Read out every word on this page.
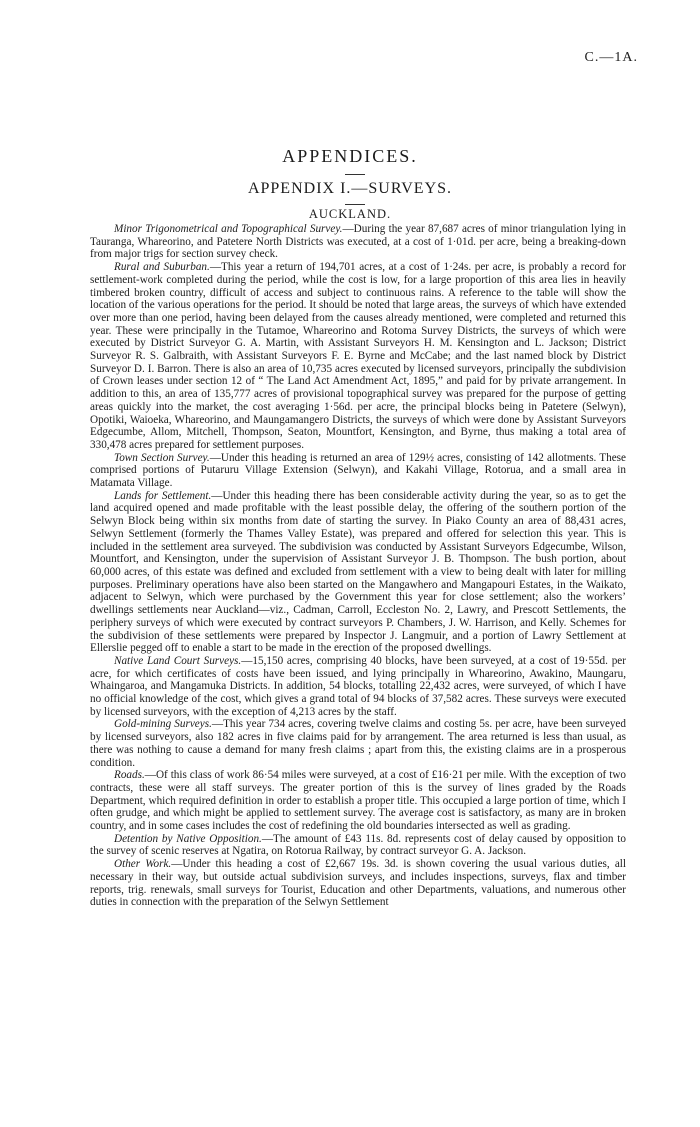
C.—1A.
APPENDICES.
APPENDIX I.—SURVEYS.
AUCKLAND.

Minor Trigonometrical and Topographical Survey.—During the year 87,687 acres of minor triangulation lying in Tauranga, Whareorino, and Patetere North Districts was executed, at a cost of 1·01d. per acre, being a breaking-down from major trigs for section survey check.

Rural and Suburban.—This year a return of 194,701 acres, at a cost of 1·24s. per acre, is probably a record for settlement-work completed during the period, while the cost is low, for a large proportion of this area lies in heavily timbered broken country, difficult of access and subject to continuous rains. A reference to the table will show the location of the various operations for the period. It should be noted that large areas, the surveys of which have extended over more than one period, having been delayed from the causes already mentioned, were completed and returned this year. These were principally in the Tutamoe, Whareorino and Rotoma Survey Districts, the surveys of which were executed by District Surveyor G. A. Martin, with Assistant Surveyors H. M. Kensington and L. Jackson; District Surveyor R. S. Galbraith, with Assistant Surveyors F. E. Byrne and McCabe; and the last named block by District Surveyor D. I. Barron. There is also an area of 10,735 acres executed by licensed surveyors, principally the subdivision of Crown leases under section 12 of “ The Land Act Amendment Act, 1895,” and paid for by private arrangement. In addition to this, an area of 135,777 acres of provisional topographical survey was prepared for the purpose of getting areas quickly into the market, the cost averaging 1·56d. per acre, the principal blocks being in Patetere (Selwyn), Opotiki, Waioeka, Whareorino, and Maungamangero Districts, the surveys of which were done by Assistant Surveyors Edgecumbe, Allom, Mitchell, Thompson, Seaton, Mountfort, Kensington, and Byrne, thus making a total area of 330,478 acres prepared for settlement purposes.

Town Section Survey.—Under this heading is returned an area of 129½ acres, consisting of 142 allotments. These comprised portions of Putaruru Village Extension (Selwyn), and Kakahi Village, Rotorua, and a small area in Matamata Village.

Lands for Settlement.—Under this heading there has been considerable activity during the year, so as to get the land acquired opened and made profitable with the least possible delay, the offering of the southern portion of the Selwyn Block being within six months from date of starting the survey. In Piako County an area of 88,431 acres, Selwyn Settlement (formerly the Thames Valley Estate), was prepared and offered for selection this year. This is included in the settlement area surveyed. The subdivision was conducted by Assistant Surveyors Edgecumbe, Wilson, Mountfort, and Kensington, under the supervision of Assistant Surveyor J. B. Thompson. The bush portion, about 60,000 acres, of this estate was defined and excluded from settlement with a view to being dealt with later for milling purposes. Preliminary operations have also been started on the Mangawhero and Mangapouri Estates, in the Waikato, adjacent to Selwyn, which were purchased by the Government this year for close settlement; also the workers’ dwellings settlements near Auckland—viz., Cadman, Carroll, Eccleston No. 2, Lawry, and Prescott Settlements, the periphery surveys of which were executed by contract surveyors P. Chambers, J. W. Harrison, and Kelly. Schemes for the subdivision of these settlements were prepared by Inspector J. Langmuir, and a portion of Lawry Settlement at Ellerslie pegged off to enable a start to be made in the erection of the proposed dwellings.

Native Land Court Surveys.—15,150 acres, comprising 40 blocks, have been surveyed, at a cost of 19·55d. per acre, for which certificates of costs have been issued, and lying principally in Whareorino, Awakino, Maungaru, Whaingaroa, and Mangamuka Districts. In addition, 54 blocks, totalling 22,432 acres, were surveyed, of which I have no official knowledge of the cost, which gives a grand total of 94 blocks of 37,582 acres. These surveys were executed by licensed surveyors, with the exception of 4,213 acres by the staff.

Gold-mining Surveys.—This year 734 acres, covering twelve claims and costing 5s. per acre, have been surveyed by licensed surveyors, also 182 acres in five claims paid for by arrangement. The area returned is less than usual, as there was nothing to cause a demand for many fresh claims ; apart from this, the existing claims are in a prosperous condition.

Roads.—Of this class of work 86·54 miles were surveyed, at a cost of £16·21 per mile. With the exception of two contracts, these were all staff surveys. The greater portion of this is the survey of lines graded by the Roads Department, which required definition in order to establish a proper title. This occupied a large portion of time, which I often grudge, and which might be applied to settlement survey. The average cost is satisfactory, as many are in broken country, and in some cases includes the cost of redefining the old boundaries intersected as well as grading.

Detention by Native Opposition.—The amount of £43 11s. 8d. represents cost of delay caused by opposition to the survey of scenic reserves at Ngatira, on Rotorua Railway, by contract surveyor G. A. Jackson.

Other Work.—Under this heading a cost of £2,667 19s. 3d. is shown covering the usual various duties, all necessary in their way, but outside actual subdivision surveys, and includes inspections, surveys, flax and timber reports, trig. renewals, small surveys for Tourist, Education and other Departments, valuations, and numerous other duties in connection with the preparation of the Selwyn Settlement
